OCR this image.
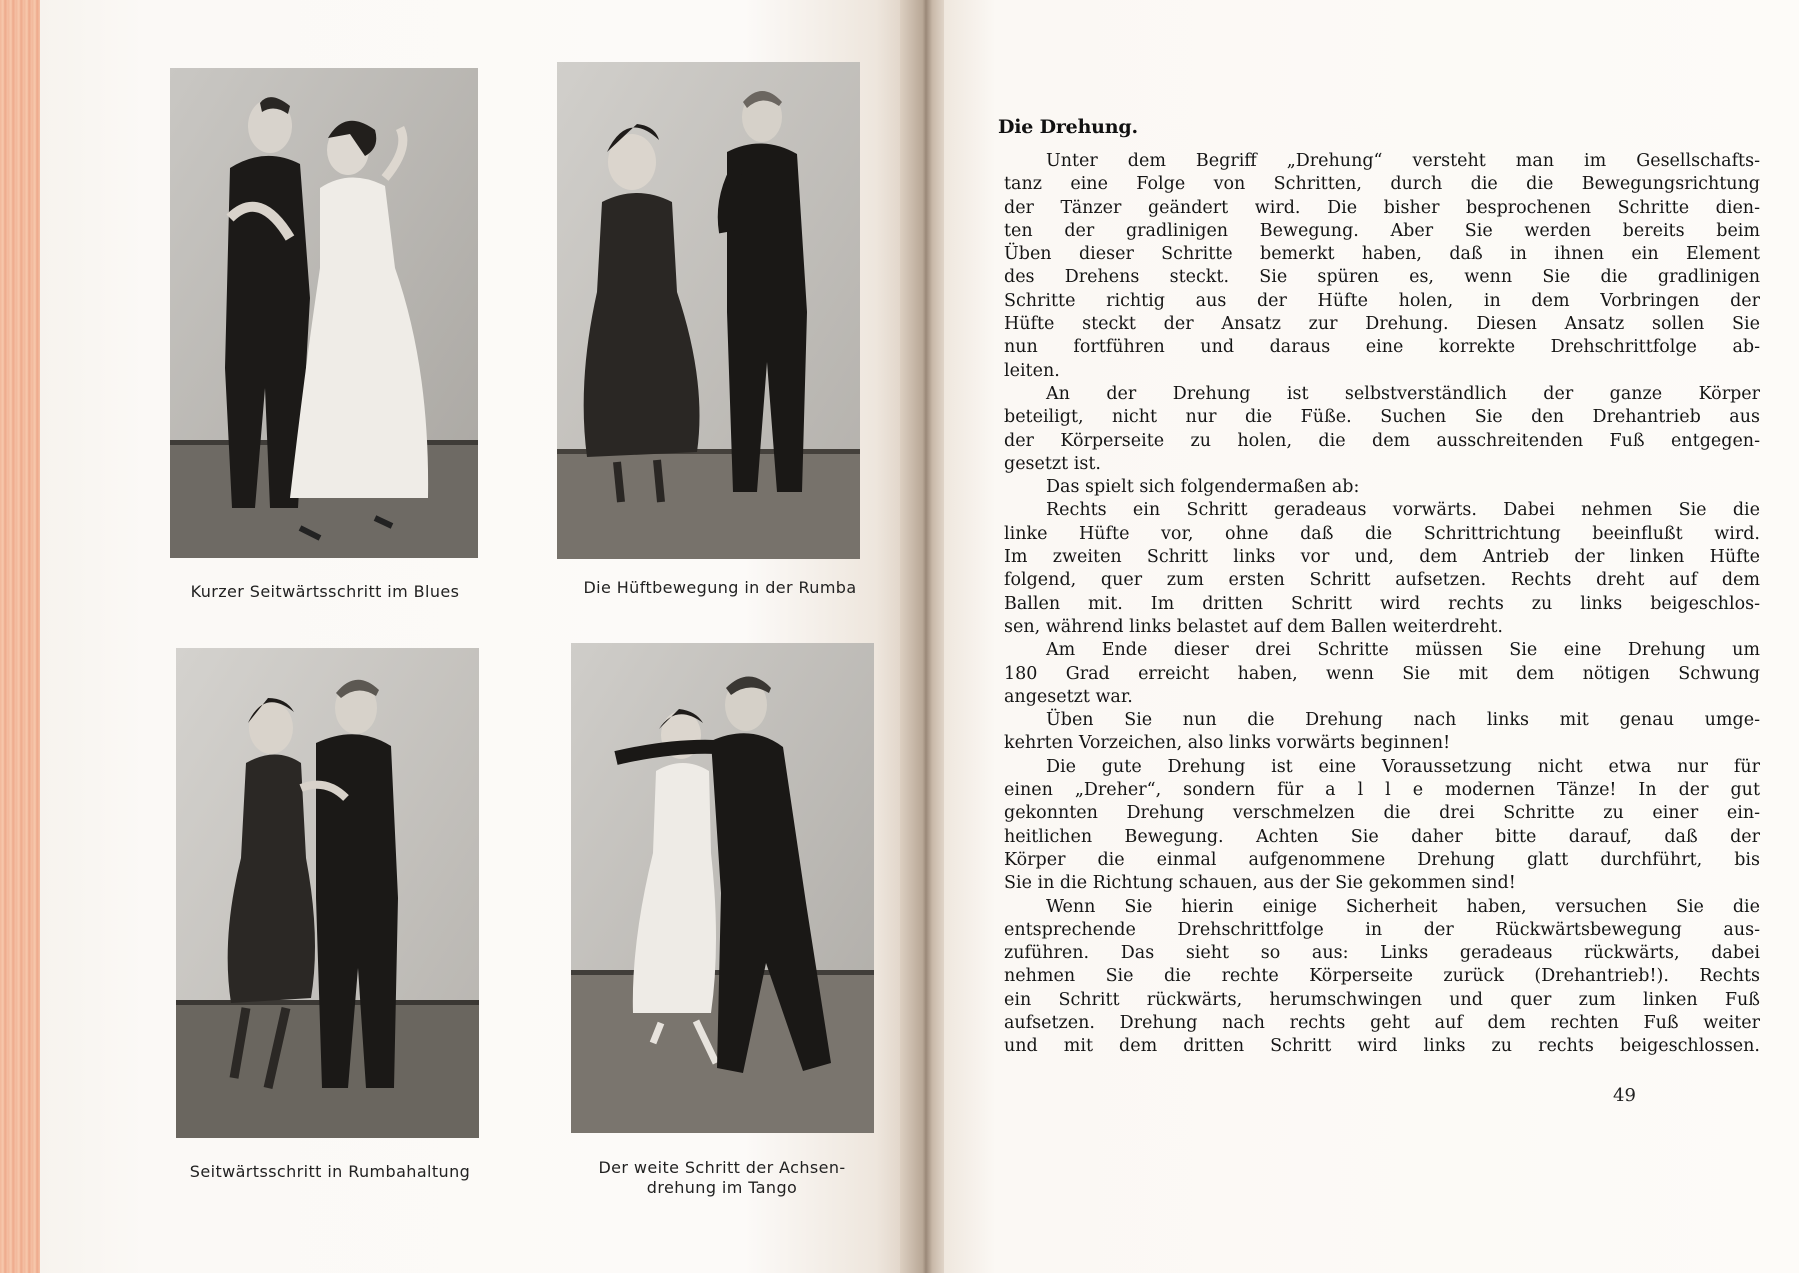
Kurzer Seitwärtsschritt im Blues	Die Hüftbewegung in der Rumba
Seitwärtsschritt in Rumbahaltung	Der weite Schritt der Achsen-
drehung im Tango
Die Drehung.
Unter dem Begriff „Drehung“ versteht man im Gesellschafts-
tanz eine Folge von Schritten, durch die die Bewegungsrichtung
der Tänzer geändert wird. Die bisher besprochenen Schritte dien-
ten der gradlinigen Bewegung. Aber Sie werden bereits beim
Üben dieser Schritte bemerkt haben, daß in ihnen ein Element
des Drehens steckt. Sie spüren es, wenn Sie die gradlinigen
Schritte richtig aus der Hüfte holen, in dem Vorbringen der
Hüfte steckt der Ansatz zur Drehung. Diesen Ansatz sollen Sie
nun fortführen und daraus eine korrekte Drehschrittfolge ab-
leiten.
An der Drehung ist selbstverständlich der ganze Körper
beteiligt, nicht nur die Füße. Suchen Sie den Drehantrieb aus
der Körperseite zu holen, die dem ausschreitenden Fuß entgegen-
gesetzt ist.
Das spielt sich folgendermaßen ab:
Rechts ein Schritt geradeaus vorwärts. Dabei nehmen Sie die
linke Hüfte vor, ohne daß die Schrittrichtung beeinflußt wird.
Im zweiten Schritt links vor und, dem Antrieb der linken Hüfte
folgend, quer zum ersten Schritt aufsetzen. Rechts dreht auf dem
Ballen mit. Im dritten Schritt wird rechts zu links beigeschlos-
sen, während links belastet auf dem Ballen weiterdreht.
Am Ende dieser drei Schritte müssen Sie eine Drehung um
180 Grad erreicht haben, wenn Sie mit dem nötigen Schwung
angesetzt war.
Üben Sie nun die Drehung nach links mit genau umge-
kehrten Vorzeichen, also links vorwärts beginnen!
Die gute Drehung ist eine Voraussetzung nicht etwa nur für
einen „Dreher“, sondern für a l l e modernen Tänze! In der gut
gekonnten Drehung verschmelzen die drei Schritte zu einer ein-
heitlichen Bewegung. Achten Sie daher bitte darauf, daß der
Körper die einmal aufgenommene Drehung glatt durchführt, bis
Sie in die Richtung schauen, aus der Sie gekommen sind!
Wenn Sie hierin einige Sicherheit haben, versuchen Sie die
entsprechende Drehschrittfolge in der Rückwärtsbewegung aus-
zuführen. Das sieht so aus: Links geradeaus rückwärts, dabei
nehmen Sie die rechte Körperseite zurück (Drehantrieb!). Rechts
ein Schritt rückwärts, herumschwingen und quer zum linken Fuß
aufsetzen. Drehung nach rechts geht auf dem rechten Fuß weiter
und mit dem dritten Schritt wird links zu rechts beigeschlossen.
49
